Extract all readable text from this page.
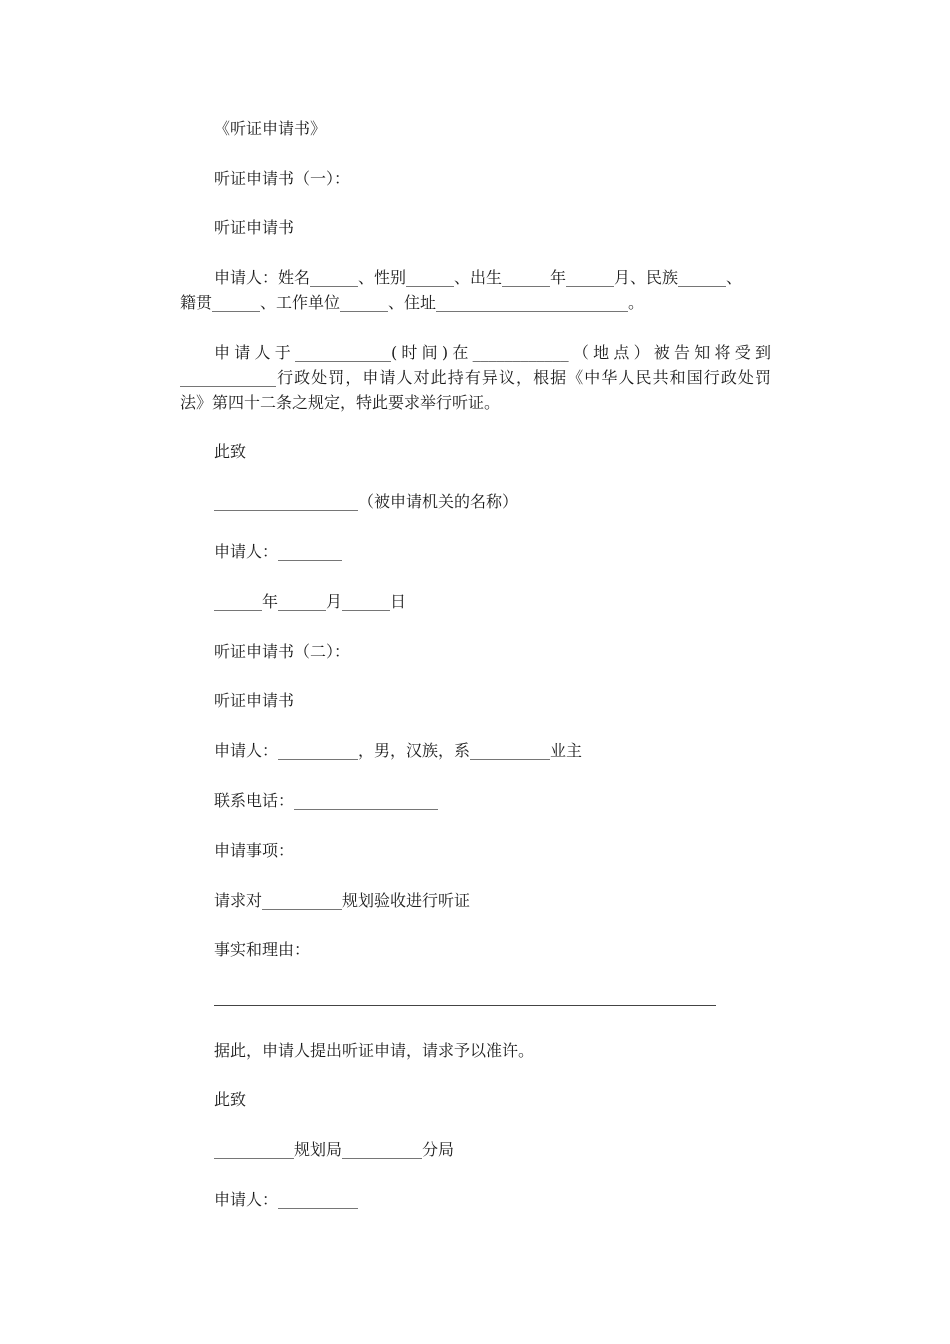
《听证申请书》
听证申请书（一）：
听证申请书
申请人：姓名______、性别______、出生______年______月、民族______、
籍贯______、工作单位______、住址________________________。
申请人于____________(时间)在____________（地点）被告知将受到
____________行政处罚，申请人对此持有异议，根据《中华人民共和国行政处罚
法》第四十二条之规定，特此要求举行听证。
此致
__________________（被申请机关的名称）
申请人：________
______年______月______日
听证申请书（二）：
听证申请书
申请人：__________，男，汉族，系__________业主
联系电话：__________________
申请事项：
请求对__________规划验收进行听证
事实和理由：
据此，申请人提出听证申请，请求予以准许。
此致
__________规划局__________分局
申请人：__________
